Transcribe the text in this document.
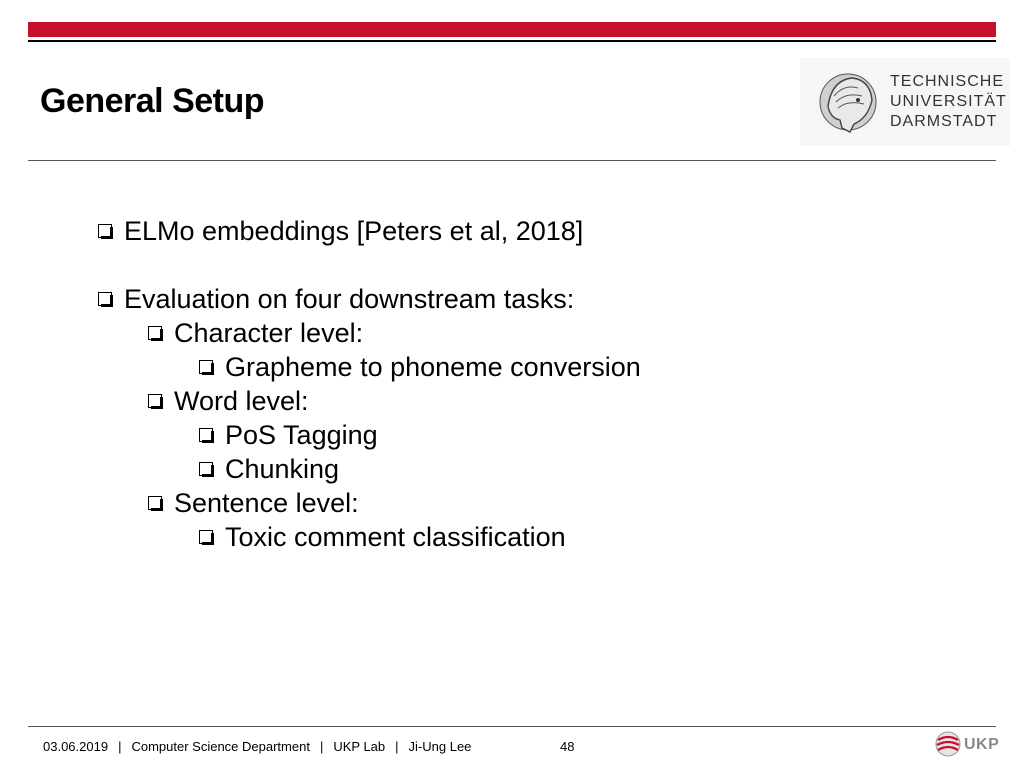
General Setup
TECHNISCHE
UNIVERSITÄT
DARMSTADT
ELMo embeddings [Peters et al, 2018]
Evaluation on four downstream tasks:
Character level:
Grapheme to phoneme conversion
Word level:
PoS Tagging
Chunking
Sentence level:
Toxic comment classification
03.06.2019 | Computer Science Department | UKP Lab | Ji-Ung Lee	48	UKP
